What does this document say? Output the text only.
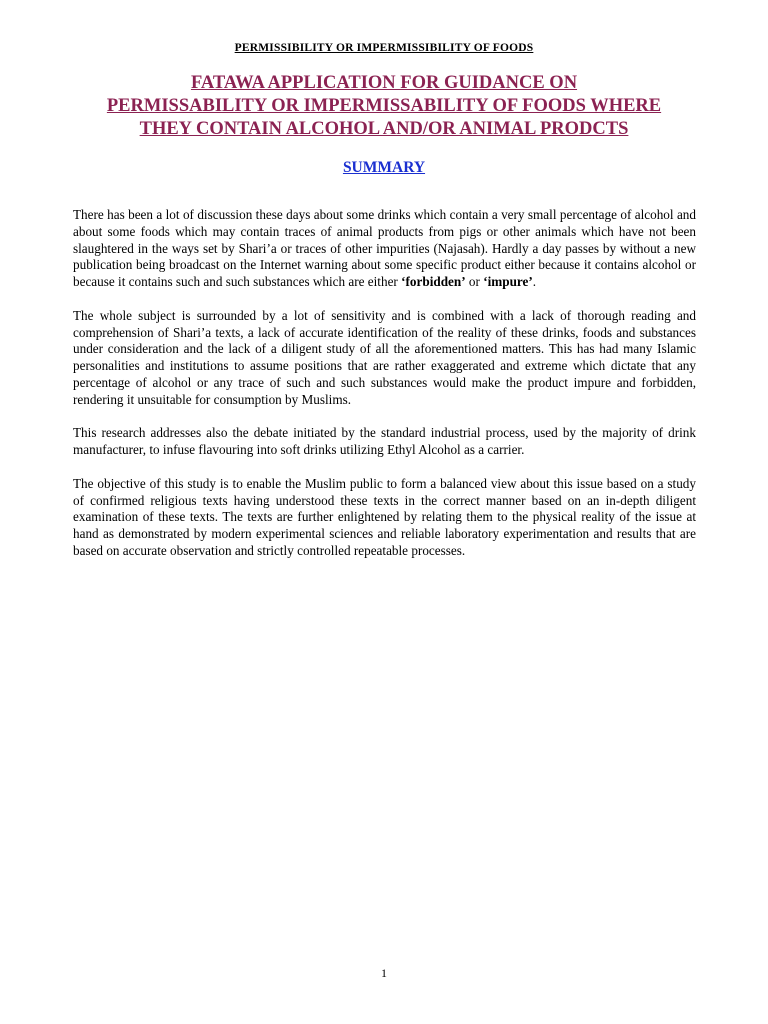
PERMISSIBILITY OR IMPERMISSIBILITY OF FOODS
FATAWA APPLICATION FOR GUIDANCE ON
PERMISSABILITY OR IMPERMISSABILITY OF FOODS WHERE
THEY CONTAIN ALCOHOL AND/OR ANIMAL PRODCTS
SUMMARY

There has been a lot of discussion these days about some drinks which contain a very small percentage of alcohol and about some foods which may contain traces of animal products from pigs or other animals which have not been slaughtered in the ways set by Shari’a or traces of other impurities (Najasah). Hardly a day passes by without a new publication being broadcast on the Internet warning about some specific product either because it contains alcohol or because it contains such and such substances which are either ‘forbidden’ or ‘impure’.

The whole subject is surrounded by a lot of sensitivity and is combined with a lack of thorough reading and comprehension of Shari’a texts, a lack of accurate identification of the reality of these drinks, foods and substances under consideration and the lack of a diligent study of all the aforementioned matters. This has had many Islamic personalities and institutions to assume positions that are rather exaggerated and extreme which dictate that any percentage of alcohol or any trace of such and such substances would make the product impure and forbidden, rendering it unsuitable for consumption by Muslims.

This research addresses also the debate initiated by the standard industrial process, used by the majority of drink manufacturer, to infuse flavouring into soft drinks utilizing Ethyl Alcohol as a carrier.

The objective of this study is to enable the Muslim public to form a balanced view about this issue based on a study of confirmed religious texts having understood these texts in the correct manner based on an in-depth diligent examination of these texts. The texts are further enlightened by relating them to the physical reality of the issue at hand as demonstrated by modern experimental sciences and reliable laboratory experimentation and results that are based on accurate observation and strictly controlled repeatable processes.

1
